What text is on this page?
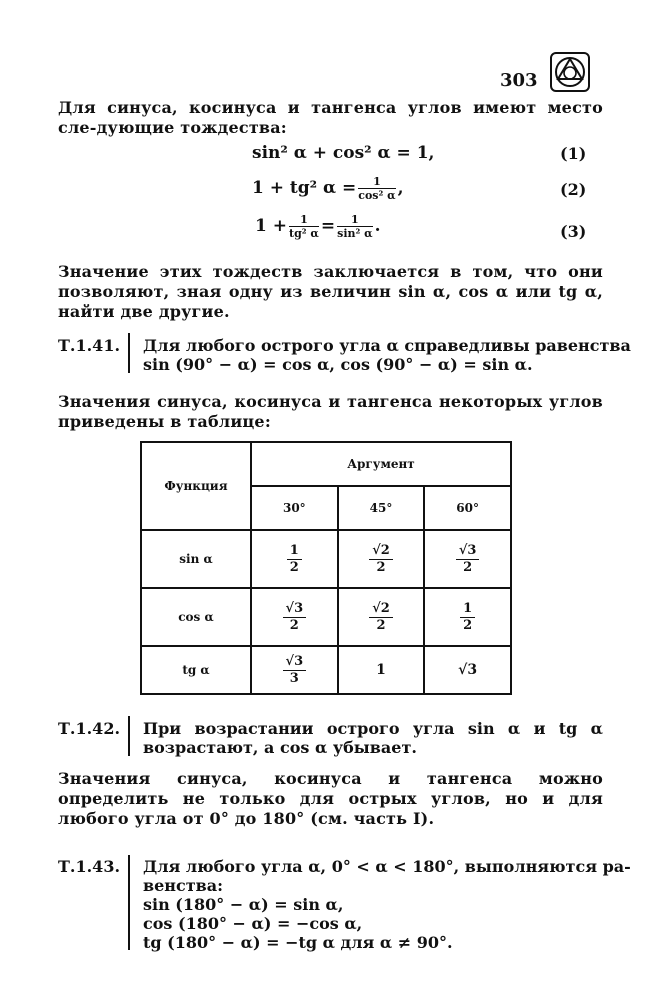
303
Для синуса, косинуса и тангенса углов имеют место сле-дующие тождества:
sin² α + cos² α = 1,	(1)
1 + tg² $\alpha = \frac{1}{\text{cos² α}}$ ,	(2)
$1 + \frac{1}{\text{tg² α}} = \frac{1}{\text{sin² α}}$ .	(3)
Значение этих тождеств заключается в том, что они позволяют, зная одну из величин sin α, cos α или tg α, найти две другие.
Т.1.41. Для любого острого угла α справедливы равенства
sin (90° − α) = cos α, cos (90° − α) = sin α.
Значения синуса, косинуса и тангенса некоторых углов приведены в таблице:
Функция	Аргумент		
	30°	45°	60°
sin α	$\frac{1}{2}$	$\frac{√2}{2}$	$\frac{√3}{2}$

cos α	$\frac{√3}{2}$	$\frac{√2}{2}$	$\frac{1}{2}$

tg α	$\frac{√3}{3}$	1	√3
Т.1.42. При возрастании острого угла sin α и tg α возрастают, а cos α убывает.
Значения синуса, косинуса и тангенса можно определить не только для острых углов, но и для любого угла от 0° до 180° (см. часть I).
Т.1.43. Для любого угла α, 0° < α < 180°, выполняются ра-
венства:
sin (180° − α) = sin α,
cos (180° − α) = −cos α,
tg (180° − α) = −tg α для α ≠ 90°.
